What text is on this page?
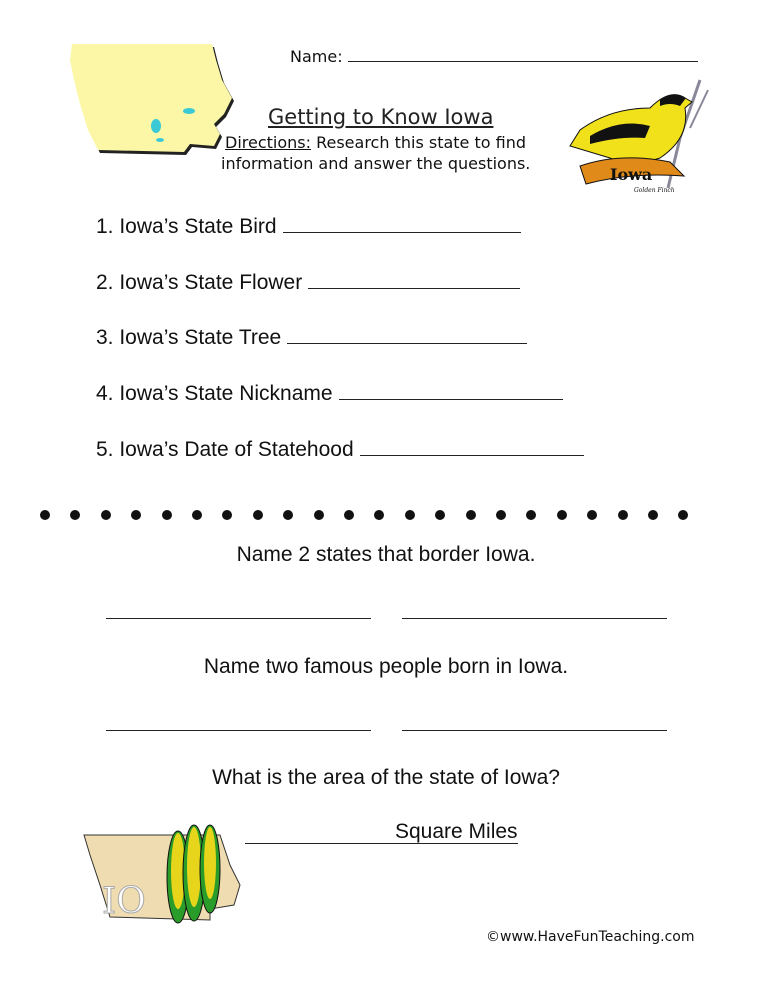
Name:
Getting to Know Iowa
Directions: Research this state to find
information and answer the questions.
Iowa
Golden Finch
1. Iowa’s State Bird
2. Iowa’s State Flower
3. Iowa’s State Tree
4. Iowa’s State Nickname
5. Iowa’s Date of Statehood
Name 2 states that border Iowa.
Name two famous people born in Iowa.
What is the area of the state of Iowa?
Square Miles
IO
©www.HaveFunTeaching.com
